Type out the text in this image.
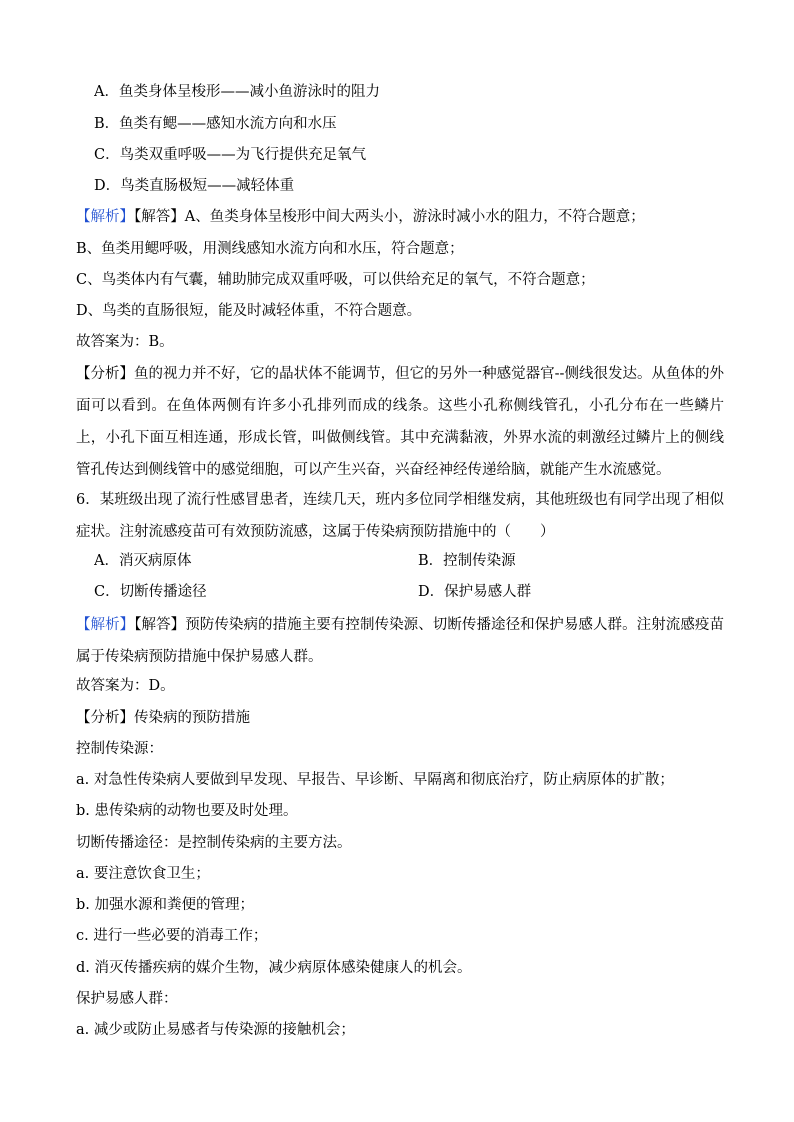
A．鱼类身体呈梭形——减小鱼游泳时的阻力
B．鱼类有鳃——感知水流方向和水压
C．鸟类双重呼吸——为飞行提供充足氧气
D．鸟类直肠极短——减轻体重
【解析】【解答】A、鱼类身体呈梭形中间大两头小，游泳时减小水的阻力，不符合题意；
B、鱼类用鳃呼吸，用测线感知水流方向和水压，符合题意；
C、鸟类体内有气囊，辅助肺完成双重呼吸，可以供给充足的氧气，不符合题意；
D、鸟类的直肠很短，能及时减轻体重，不符合题意。
故答案为：B。
【分析】鱼的视力并不好，它的晶状体不能调节，但它的另外一种感觉器官--侧线很发达。从鱼体的外面可以看到。在鱼体两侧有许多小孔排列而成的线条。这些小孔称侧线管孔，小孔分布在一些鳞片上，小孔下面互相连通，形成长管，叫做侧线管。其中充满黏液，外界水流的刺激经过鳞片上的侧线管孔传达到侧线管中的感觉细胞，可以产生兴奋，兴奋经神经传递给脑，就能产生水流感觉。
6．某班级出现了流行性感冒患者，连续几天，班内多位同学相继发病，其他班级也有同学出现了相似症状。注射流感疫苗可有效预防流感，这属于传染病预防措施中的（　　）
A．消灭病原体	B．控制传染源
C．切断传播途径	D．保护易感人群
【解析】【解答】预防传染病的措施主要有控制传染源、切断传播途径和保护易感人群。注射流感疫苗属于传染病预防措施中保护易感人群。
故答案为：D。
【分析】传染病的预防措施
控制传染源：
a. 对急性传染病人要做到早发现、早报告、早诊断、早隔离和彻底治疗，防止病原体的扩散；
b. 患传染病的动物也要及时处理。
切断传播途径：是控制传染病的主要方法。
a. 要注意饮食卫生；
b. 加强水源和粪便的管理；
c. 进行一些必要的消毒工作；
d. 消灭传播疾病的媒介生物，减少病原体感染健康人的机会。
保护易感人群：
a. 减少或防止易感者与传染源的接触机会；
